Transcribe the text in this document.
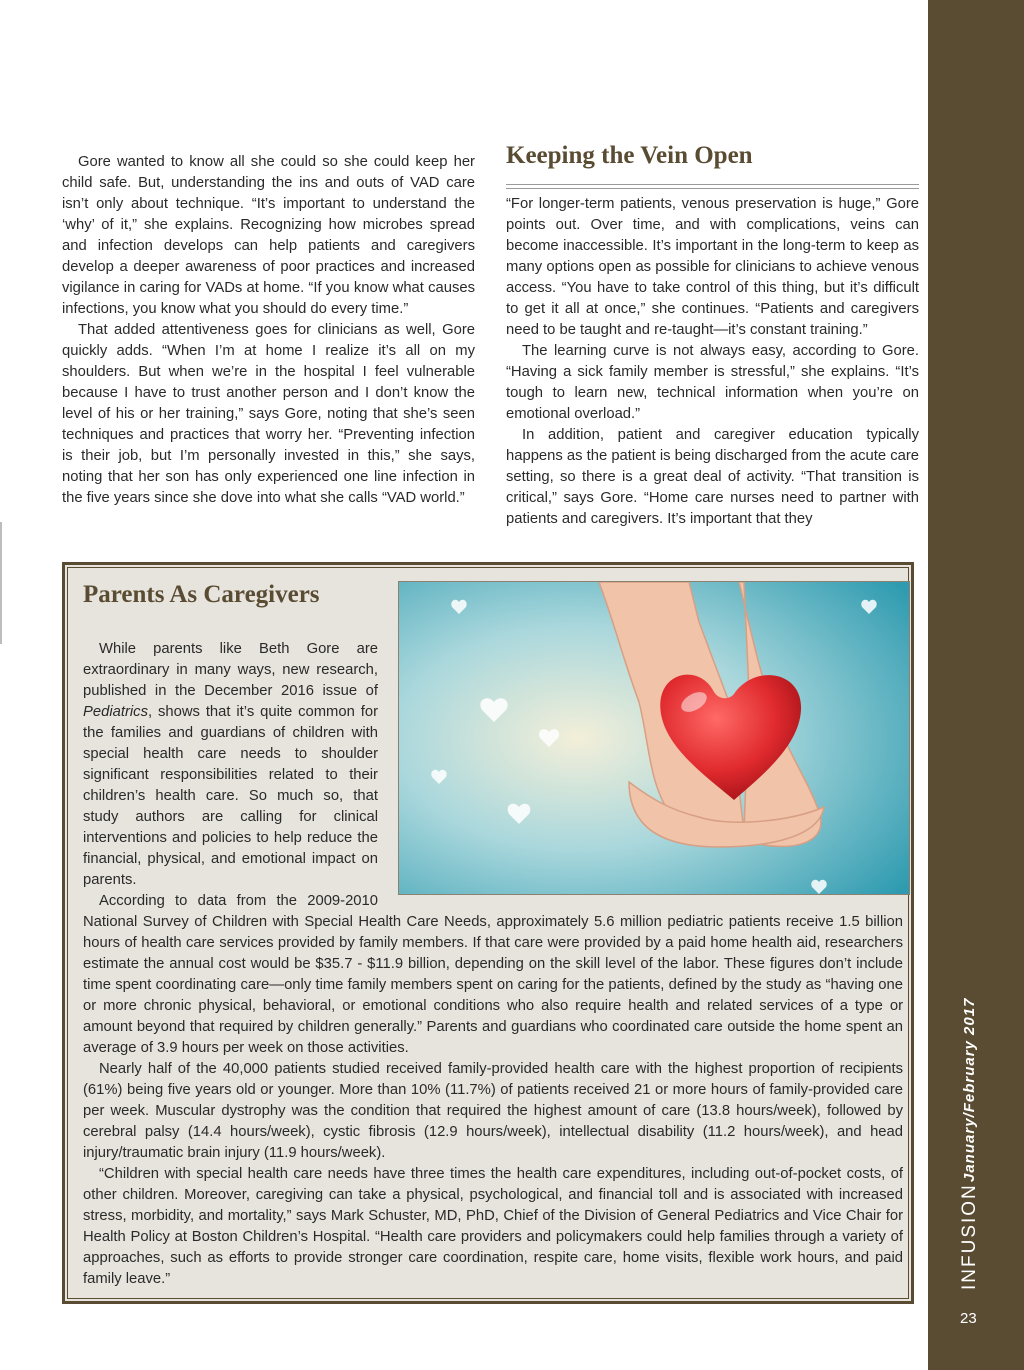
Gore wanted to know all she could so she could keep her child safe. But, understanding the ins and outs of VAD care isn’t only about technique. “It’s important to understand the ‘why’ of it,” she explains. Recognizing how microbes spread and infection develops can help patients and caregivers develop a deeper awareness of poor practices and increased vigilance in caring for VADs at home. “If you know what causes infections, you know what you should do every time.”

That added attentiveness goes for clinicians as well, Gore quickly adds. “When I’m at home I realize it’s all on my shoulders. But when we’re in the hospital I feel vulnerable because I have to trust another person and I don’t know the level of his or her training,” says Gore, noting that she’s seen techniques and practices that worry her. “Preventing infection is their job, but I’m personally invested in this,” she says, noting that her son has only experienced one line infection in the five years since she dove into what she calls “VAD world.”

Keeping the Vein Open

“For longer-term patients, venous preservation is huge,” Gore points out. Over time, and with complications, veins can become inaccessible. It’s important in the long-term to keep as many options open as possible for clinicians to achieve venous access. “You have to take control of this thing, but it’s difficult to get it all at once,” she continues. “Patients and caregivers need to be taught and re-taught—it’s constant training.”

The learning curve is not always easy, according to Gore. “Having a sick family member is stressful,” she explains. “It’s tough to learn new, technical information when you’re on emotional overload.”

In addition, patient and caregiver education typically happens as the patient is being discharged from the acute care setting, so there is a great deal of activity. “That transition is critical,” says Gore. “Home care nurses need to partner with patients and caregivers. It’s important that they

Parents As Caregivers

While parents like Beth Gore are extraordinary in many ways, new research, published in the December 2016 issue of Pediatrics, shows that it’s quite common for the families and guardians of children with special health care needs to shoulder significant responsibilities related to their children’s health care. So much so, that study authors are calling for clinical interventions and policies to help reduce the financial, physical, and emotional impact on parents.

According to data from the 2009-2010 National Survey of Children with Special Health Care Needs, approximately 5.6 million pediatric patients receive 1.5 billion hours of health care services provided by family members. If that care were provided by a paid home health aid, researchers estimate the annual cost would be $35.7 - $11.9 billion, depending on the skill level of the labor. These figures don’t include time spent coordinating care—only time family members spent on caring for the patients, defined by the study as “having one or more chronic physical, behavioral, or emotional conditions who also require health and related services of a type or amount beyond that required by children generally.” Parents and guardians who coordinated care outside the home spent an average of 3.9 hours per week on those activities.

Nearly half of the 40,000 patients studied received family-provided health care with the highest proportion of recipients (61%) being five years old or younger. More than 10% (11.7%) of patients received 21 or more hours of family-provided care per week. Muscular dystrophy was the condition that required the highest amount of care (13.8 hours/week), followed by cerebral palsy (14.4 hours/week), cystic fibrosis (12.9 hours/week), intellectual disability (11.2 hours/week), and head injury/traumatic brain injury (11.9 hours/week).

“Children with special health care needs have three times the health care expenditures, including out-of-pocket costs, of other children. Moreover, caregiving can take a physical, psychological, and financial toll and is associated with increased stress, morbidity, and mortality,” says Mark Schuster, MD, PhD, Chief of the Division of General Pediatrics and Vice Chair for Health Policy at Boston Children’s Hospital. “Health care providers and policymakers could help families through a variety of approaches, such as efforts to provide stronger care coordination, respite care, home visits, flexible work hours, and paid family leave.”	INFUSION
January/February 2017
23
